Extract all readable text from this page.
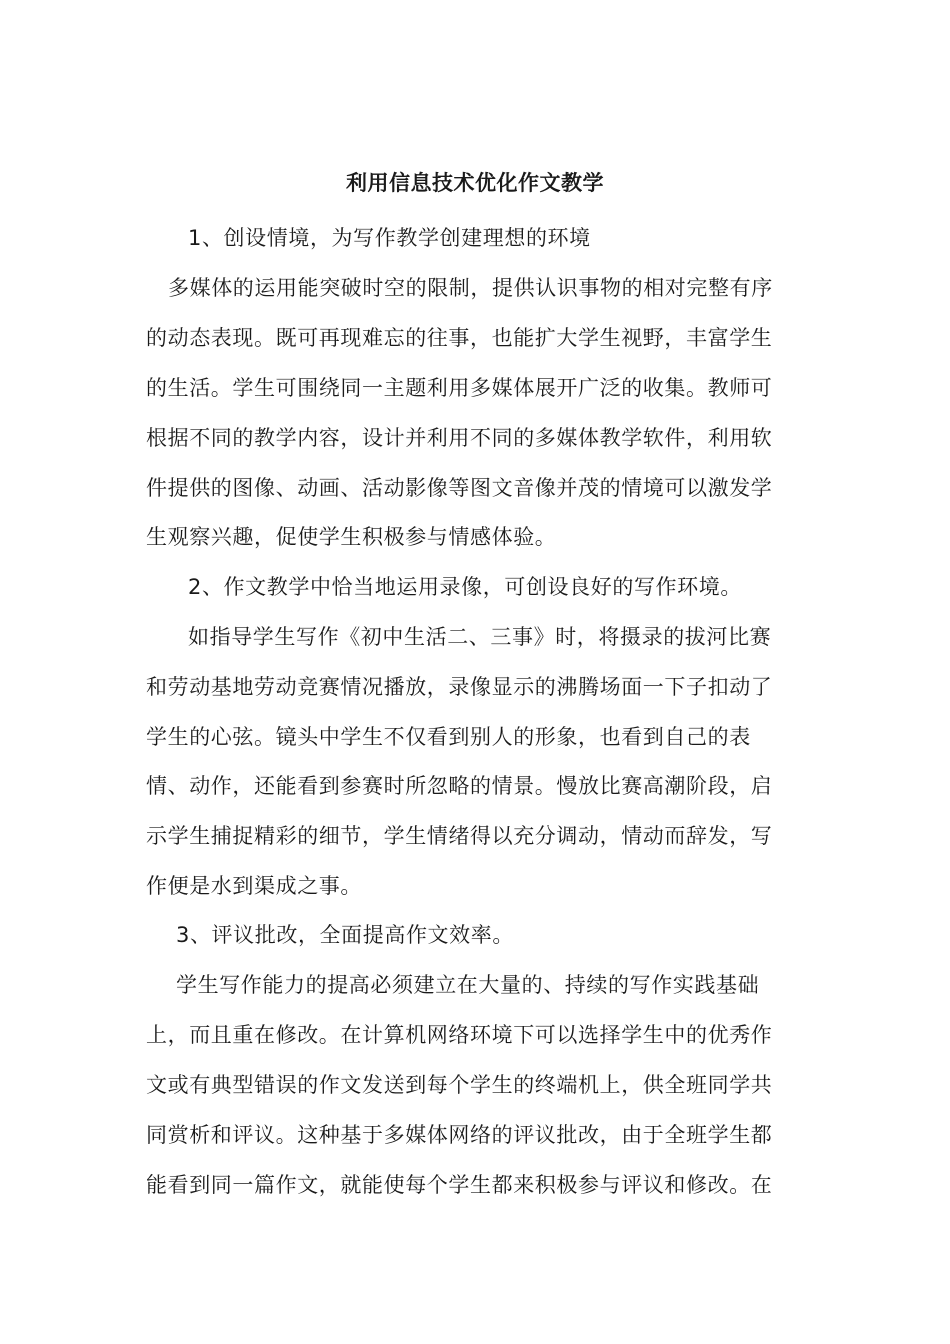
利用信息技术优化作文教学
1、创设情境，为写作教学创建理想的环境
多媒体的运用能突破时空的限制，提供认识事物的相对完整有序
的动态表现。既可再现难忘的往事，也能扩大学生视野，丰富学生
的生活。学生可围绕同一主题利用多媒体展开广泛的收集。教师可
根据不同的教学内容，设计并利用不同的多媒体教学软件，利用软
件提供的图像、动画、活动影像等图文音像并茂的情境可以激发学
生观察兴趣，促使学生积极参与情感体验。
2、作文教学中恰当地运用录像，可创设良好的写作环境。
如指导学生写作《初中生活二、三事》时，将摄录的拔河比赛
和劳动基地劳动竞赛情况播放，录像显示的沸腾场面一下子扣动了
学生的心弦。镜头中学生不仅看到别人的形象，也看到自己的表
情、动作，还能看到参赛时所忽略的情景。慢放比赛高潮阶段，启
示学生捕捉精彩的细节，学生情绪得以充分调动，情动而辞发，写
作便是水到渠成之事。
3、评议批改，全面提高作文效率。
学生写作能力的提高必须建立在大量的、持续的写作实践基础
上，而且重在修改。在计算机网络环境下可以选择学生中的优秀作
文或有典型错误的作文发送到每个学生的终端机上，供全班同学共
同赏析和评议。这种基于多媒体网络的评议批改，由于全班学生都
能看到同一篇作文，就能使每个学生都来积极参与评议和修改。在
